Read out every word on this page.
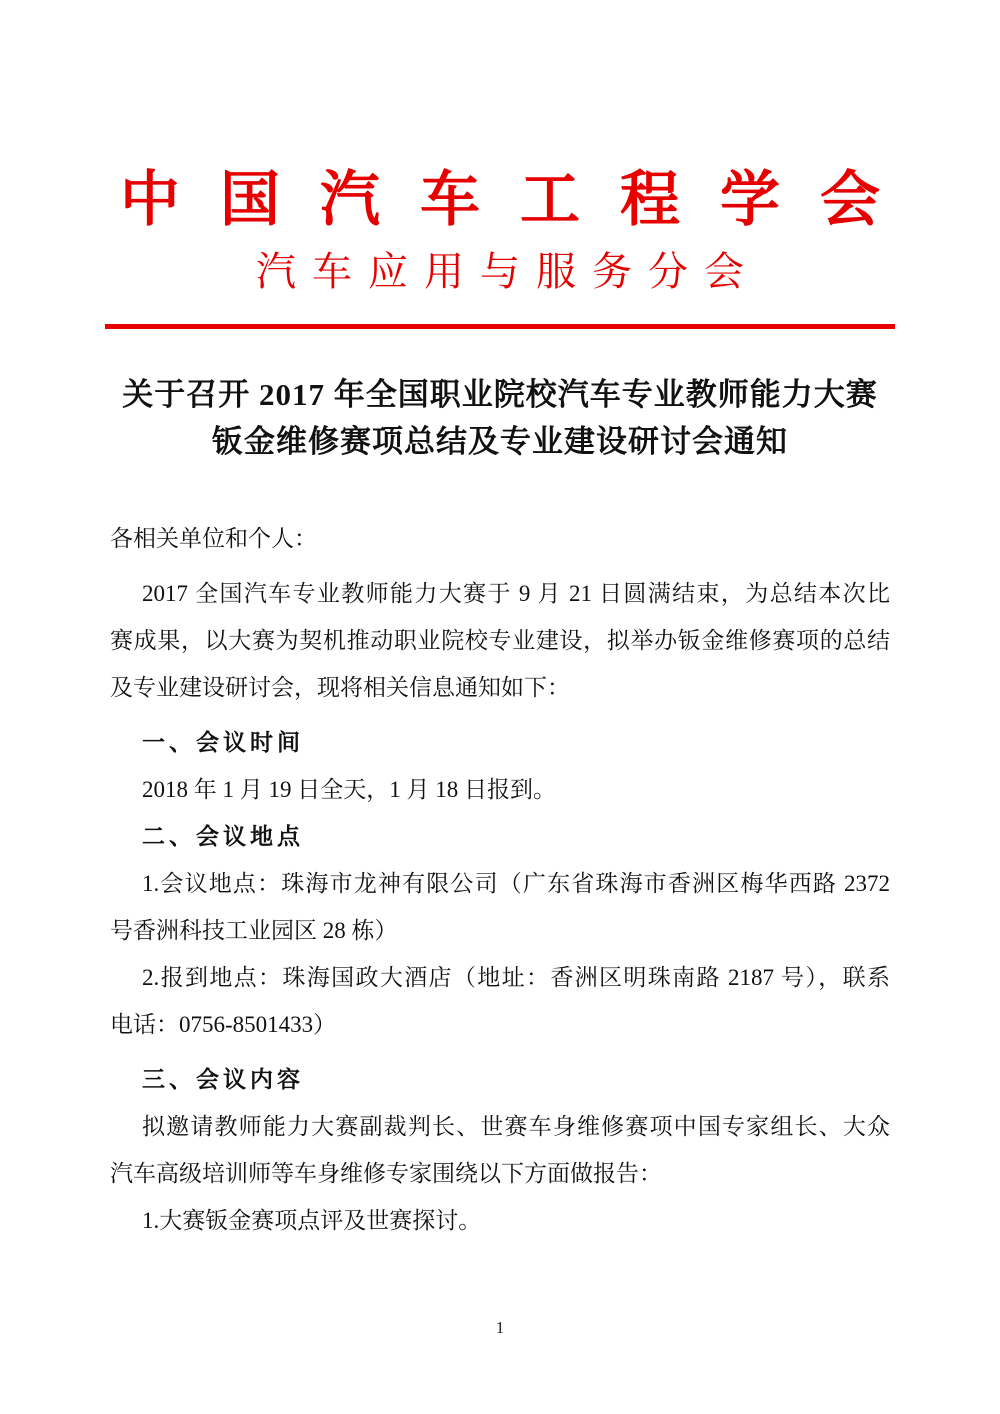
中国汽车工程学会
汽车应用与服务分会
关于召开 2017 年全国职业院校汽车专业教师能力大赛
钣金维修赛项总结及专业建设研讨会通知
各相关单位和个人：
2017 全国汽车专业教师能力大赛于 9 月 21 日圆满结束，为总结本次比
赛成果，以大赛为契机推动职业院校专业建设，拟举办钣金维修赛项的总结
及专业建设研讨会，现将相关信息通知如下：
一、会议时间
2018 年 1 月 19 日全天，1 月 18 日报到。
二、会议地点
1.会议地点：珠海市龙神有限公司（广东省珠海市香洲区梅华西路 2372
号香洲科技工业园区 28 栋）
2.报到地点：珠海国政大酒店（地址：香洲区明珠南路 2187 号），联系
电话：0756-8501433）
三、会议内容
拟邀请教师能力大赛副裁判长、世赛车身维修赛项中国专家组长、大众
汽车高级培训师等车身维修专家围绕以下方面做报告：
1.大赛钣金赛项点评及世赛探讨。
1
